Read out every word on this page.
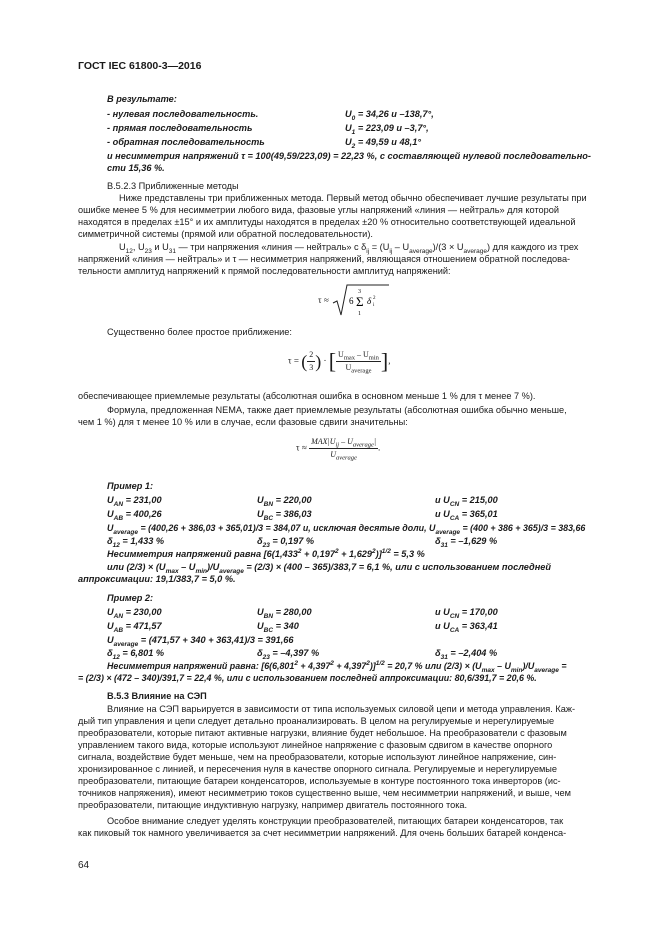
ГОСТ IEC 61800-3—2016
В результате:
- нулевая последовательность.	$U_0 = 34,26$ и –138,7°,
- прямая последовательность	$U_1 = 223,09$ и –3,7°,
- обратная последовательность	$U_2 = 49,59$ и 48,1°
и несимметрия напряжений τ = 100(49,59/223,09) = 22,23 %, с составляющей нулевой последовательно-
сти 15,36 %.
B.5.2.3 Приближенные методы
Ниже представлены три приближенных метода. Первый метод обычно обеспечивает лучшие результаты при
ошибке менее 5 % для несимметрии любого вида, фазовые углы напряжений «линия — нейтраль» для которой
находятся в пределах ±15° и их амплитуды находятся в пределах ±20 % относительно соответствующей идеальной
симметричной системы (прямой или обратной последовательности).
$U_{12}$, $U_{23}$ и $U_{31}$ — три напряжения «линия — нейтраль» с $\delta_{ij} = (U_{ij} - U_{average})/(3 \times U_{average})$ для каждого из трех
напряжений «линия — нейтраль» и τ — несимметрия напряжений, являющаяся отношением обратной последова-
тельности амплитуд напряжений к прямой последовательности амплитуд напряжений:
τ ≈ 6
3
Σ
1
δ 2
i
Существенно более простое приближение:
τ = ( $\frac{2}{3}$ ) · [ $\frac{U_{max} - U_{min}}{U_{average}}$ ],
обеспечивающее приемлемые результаты (абсолютная ошибка в основном меньше 1 % для τ менее 7 %).
Формула, предложенная NEMA, также дает приемлемые результаты (абсолютная ошибка обычно меньше,
чем 1 %) для τ менее 10 % или в случае, если фазовые сдвиги значительны:
$\tau \approx \frac{MAX|U_{ij} - U_{average}|}{U_{average}}$ .
Пример 1:
$U_{AN} = 231,00$	$U_{BN} = 220,00$	и $U_{CN} = 215,00$
$U_{AB} = 400,26$	$U_{BC} = 386,03$	и $U_{CA} = 365,01$
$U_{average} = (400,26 + 386,03 + 365,01)/3 = 384,07$ и, исключая десятые доли, $U_{average} = (400 + 386 + 365)/3 = 383,66$
$\delta_{12} = 1,433$ %	$\delta_{23} = 0,197$ %	$\delta_{31} = -1,629$ %
Несимметрия напряжений равна $[6(1,433^2 + 0,197^2 + 1,629^2)]^{1/2} = 5,3$ %
или $(2/3) \times (U_{max} - U_{min})/U_{average} = (2/3) \times (400 - 365)/383,7 = 6,1$ %, или с использованием последней
аппроксимации: 19,1/383,7 = 5,0 %.
Пример 2:
$U_{AN} = 230,00$	$U_{BN} = 280,00$	и $U_{CN} = 170,00$
$U_{AB} = 471,57$	$U_{BC} = 340$	и $U_{CA} = 363,41$
$U_{average} = (471,57 + 340 + 363,41)/3 = 391,66$
$\delta_{12} = 6,801$ %	$\delta_{23} = -4,397$ %	$\delta_{31} = -2,404$ %
Несимметрия напряжений равна: $[6(6,801^2 + 4,397^2 + 4,397^2)]^{1/2} = 20,7$ % или $(2/3) \times (U_{max} - U_{min})/U_{average}$ =
= (2/3) × (472 – 340)/391,7 = 22,4 %, или с использованием последней аппроксимации: 80,6/391,7 = 20,6 %.
B.5.3 Влияние на СЭП
Влияние на СЭП варьируется в зависимости от типа используемых силовой цепи и метода управления. Каж-
дый тип управления и цепи следует детально проанализировать. В целом на регулируемые и нерегулируемые
преобразователи, которые питают активные нагрузки, влияние будет небольшое. На преобразователи с фазовым
управлением такого вида, которые используют линейное напряжение с фазовым сдвигом в качестве опорного
сигнала, воздействие будет меньше, чем на преобразователи, которые используют линейное напряжение, син-
хронизированное с линией, и пересечения нуля в качестве опорного сигнала. Регулируемые и нерегулируемые
преобразователи, питающие батареи конденсаторов, используемые в контуре постоянного тока инверторов (ис-
точников напряжения), имеют несимметрию токов существенно выше, чем несимметрии напряжений, и выше, чем
преобразователи, питающие индуктивную нагрузку, например двигатель постоянного тока.
Особое внимание следует уделять конструкции преобразователей, питающих батареи конденсаторов, так
как пиковый ток намного увеличивается за счет несимметрии напряжений. Для очень больших батарей конденса-
64
